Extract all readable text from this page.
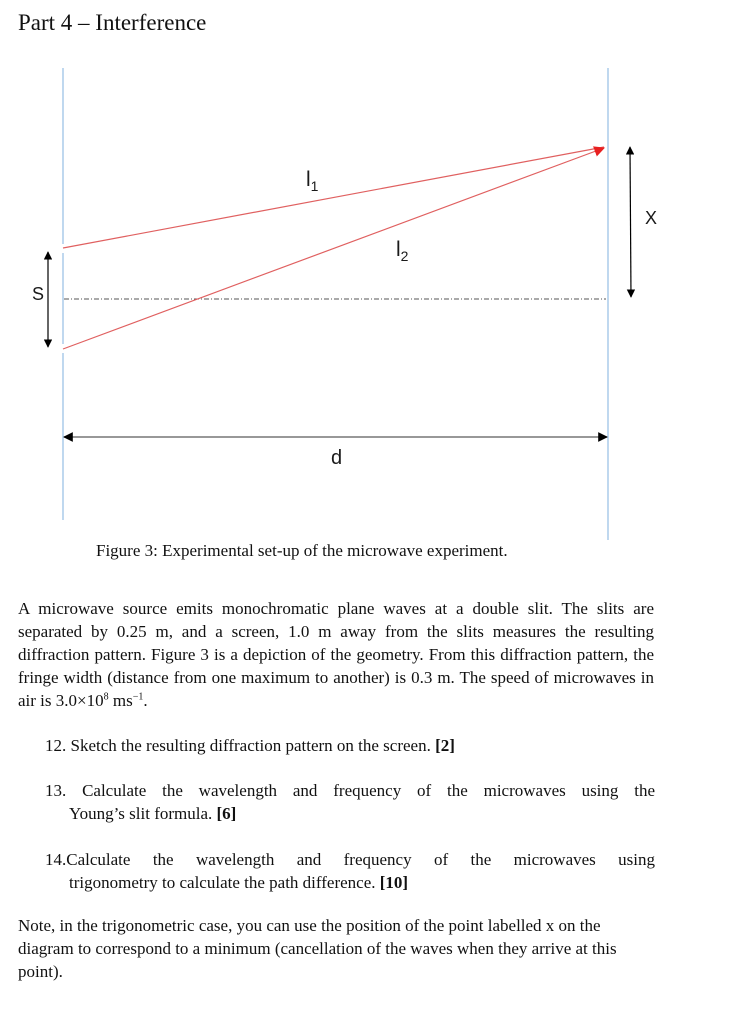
Part 4 – Interference
$l_1$
$l_2$
S
X
d
Figure 3: Experimental set-up of the microwave experiment.
A microwave source emits monochromatic plane waves at a double slit. The slits are separated by 0.25 m, and a screen, 1.0 m away from the slits measures the resulting diffraction pattern. Figure 3 is a depiction of the geometry. From this diffraction pattern, the fringe width (distance from one maximum to another) is 0.3 m. The speed of microwaves in air is $3.0\times 10^8$ $ms^{-1}$.
12. Sketch the resulting diffraction pattern on the screen. [2]
13. Calculate the wavelength and frequency of the microwaves using the
Young’s slit formula. [6]
14.Calculate the wavelength and frequency of the microwaves using
trigonometry to calculate the path difference. [10]
Note, in the trigonometric case, you can use the position of the point labelled x on the diagram to correspond to a minimum (cancellation of the waves when they arrive at this point).
